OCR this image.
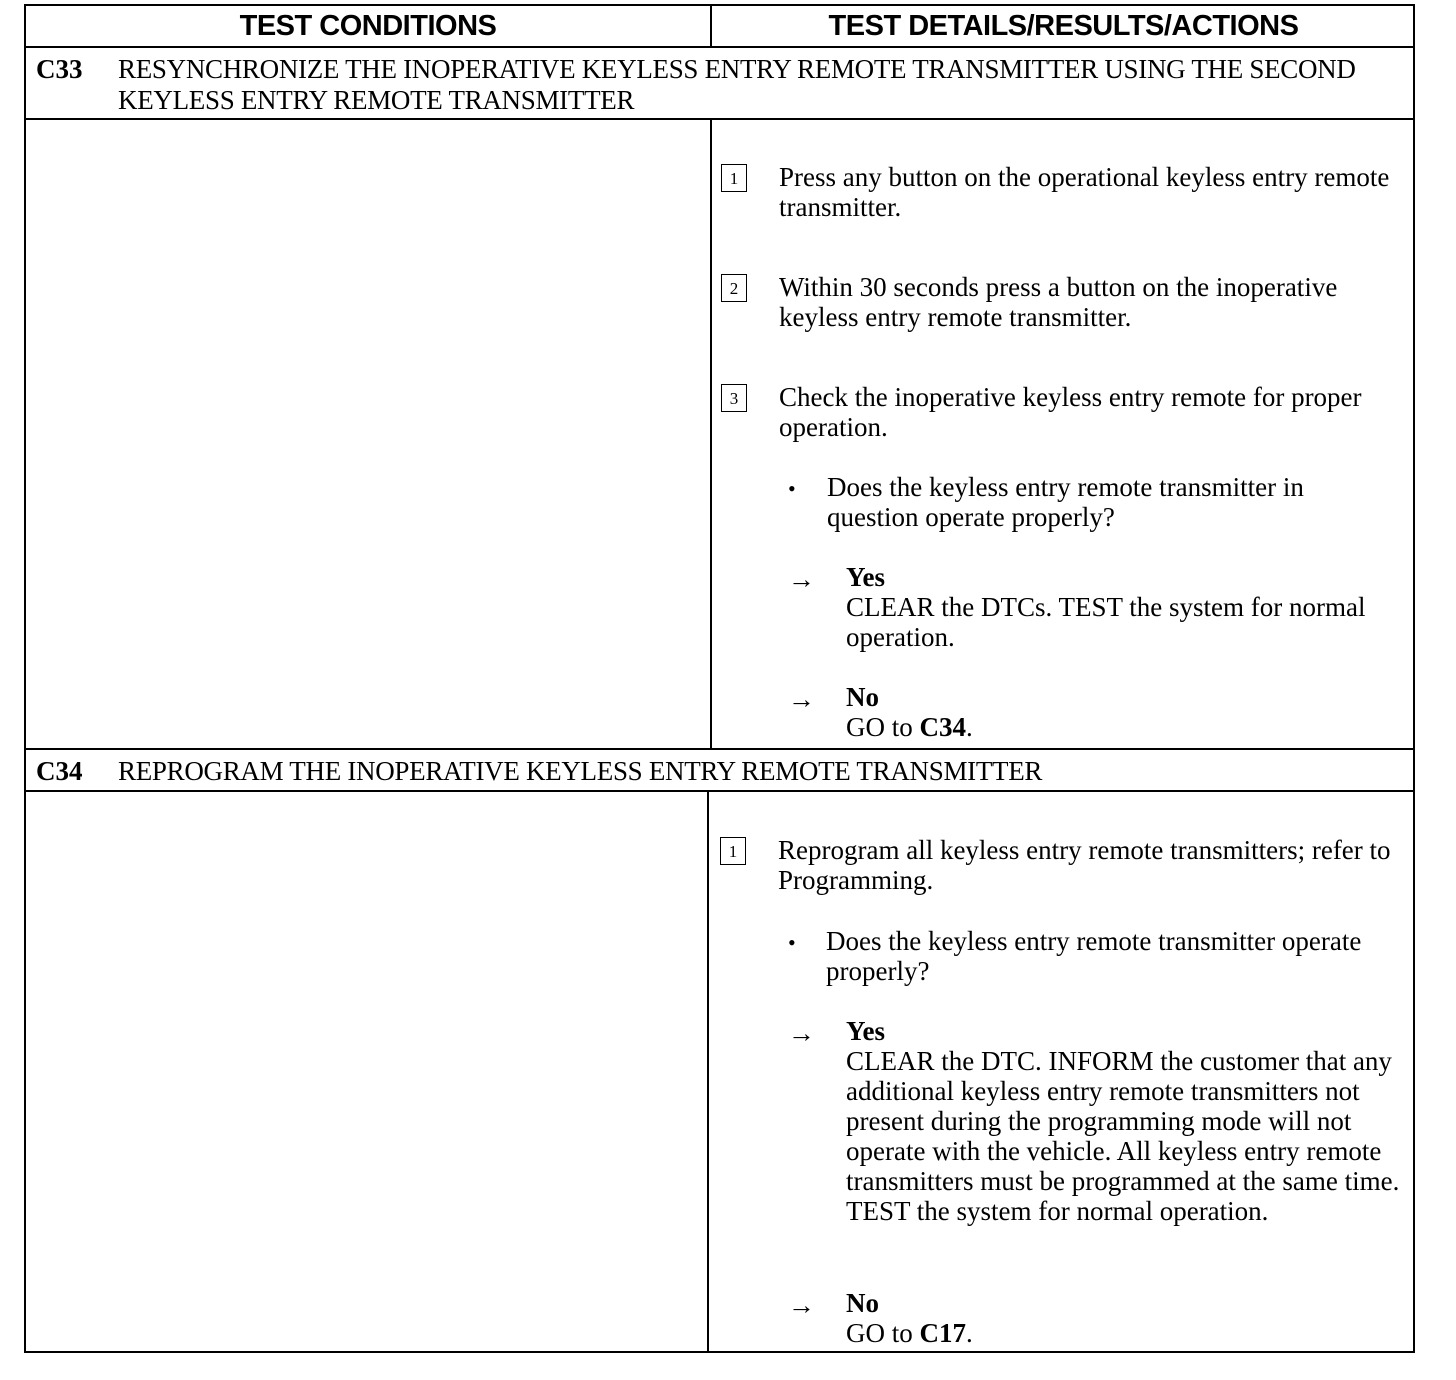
TEST CONDITIONS	TEST DETAILS/RESULTS/ACTIONS
C33 RESYNCHRONIZE THE INOPERATIVE KEYLESS ENTRY REMOTE TRANSMITTER USING THE SECOND KEYLESS ENTRY REMOTE TRANSMITTER
1	Press any button on the operational keyless entry remote transmitter.
2	Within 30 seconds press a button on the inoperative keyless entry remote transmitter.
3	Check the inoperative keyless entry remote for proper operation.
• Does the keyless entry remote transmitter in question operate properly?
→ Yes
CLEAR the DTCs. TEST the system for normal operation.
→ No
GO to C34.
C34 REPROGRAM THE INOPERATIVE KEYLESS ENTRY REMOTE TRANSMITTER
1	Reprogram all keyless entry remote transmitters; refer to Programming.
• Does the keyless entry remote transmitter operate properly?
→ Yes
CLEAR the DTC. INFORM the customer that any additional keyless entry remote transmitters not present during the programming mode will not operate with the vehicle. All keyless entry remote transmitters must be programmed at the same time. TEST the system for normal operation.
→ No
GO to C17.
